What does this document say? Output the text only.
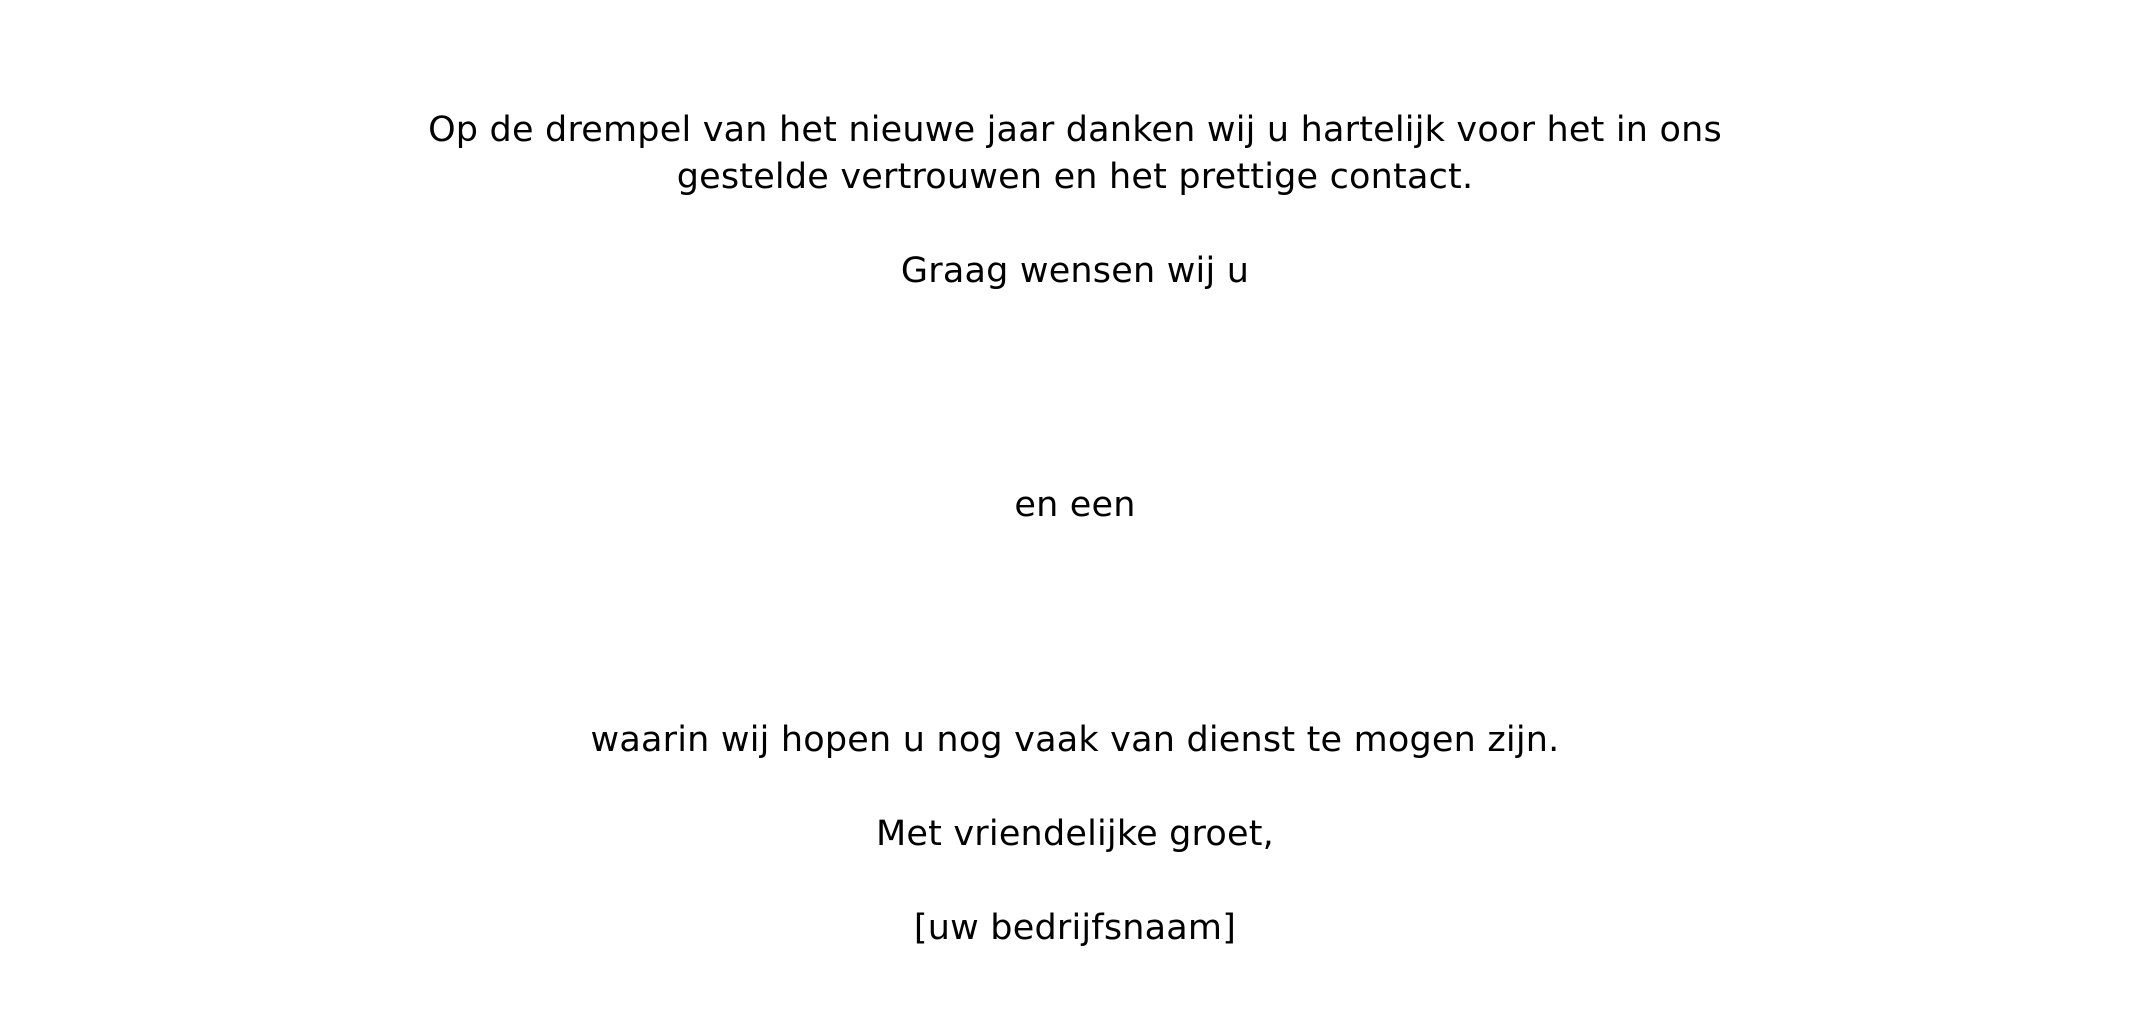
Op de drempel van het nieuwe jaar danken wij u hartelijk voor het in ons
gestelde vertrouwen en het prettige contact.
Graag wensen wij u
en een
waarin wij hopen u nog vaak van dienst te mogen zijn.
Met vriendelijke groet,
[uw bedrijfsnaam]
